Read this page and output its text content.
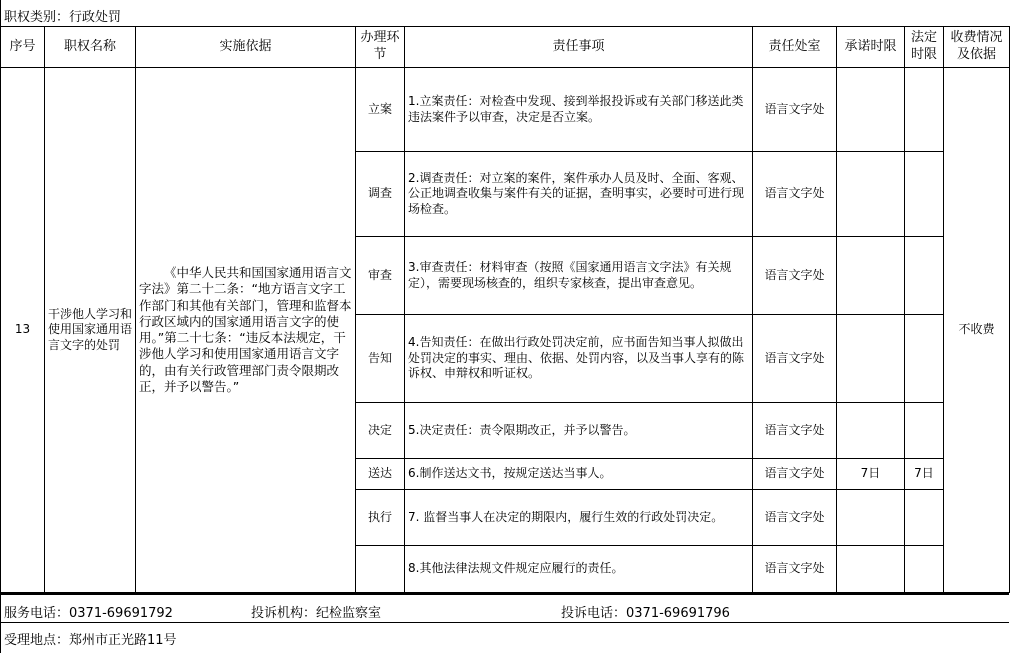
职权类别：行政处罚
序号	职权名称	实施依据	办理环节	责任事项	责任处室	承诺时限	法定时限	收费情况及依据
13	干涉他人学习和使用国家通用语言文字的处罚	《中华人民共和国国家通用语言文字法》第二十二条：“地方语言文字工作部门和其他有关部门，管理和监督本行政区域内的国家通用语言文字的使用。”第二十七条：“违反本法规定，干涉他人学习和使用国家通用语言文字的，由有关行政管理部门责令限期改正，并予以警告。”	立案	1.立案责任：对检查中发现、接到举报投诉或有关部门移送此类违法案件予以审查，决定是否立案。	语言文字处			不收费
			调查	2.调查责任：对立案的案件，案件承办人员及时、全面、客观、公正地调查收集与案件有关的证据，查明事实，必要时可进行现场检查。	语言文字处			
			审查	3.审查责任：材料审查（按照《国家通用语言文字法》有关规定），需要现场核查的，组织专家核查，提出审查意见。	语言文字处			
			告知	4.告知责任：在做出行政处罚决定前，应书面告知当事人拟做出处罚决定的事实、理由、依据、处罚内容，以及当事人享有的陈诉权、申辩权和听证权。	语言文字处			
			决定	5.决定责任：责令限期改正，并予以警告。	语言文字处			
			送达	6.制作送达文书，按规定送达当事人。	语言文字处	7日	7日	
			执行	7. 监督当事人在决定的期限内，履行生效的行政处罚决定。	语言文字处			
				8.其他法律法规文件规定应履行的责任。	语言文字处			
服务电话：0371-69691792	投诉机构：纪检监察室	投诉电话：0371-69691796
受理地点：郑州市正光路11号
